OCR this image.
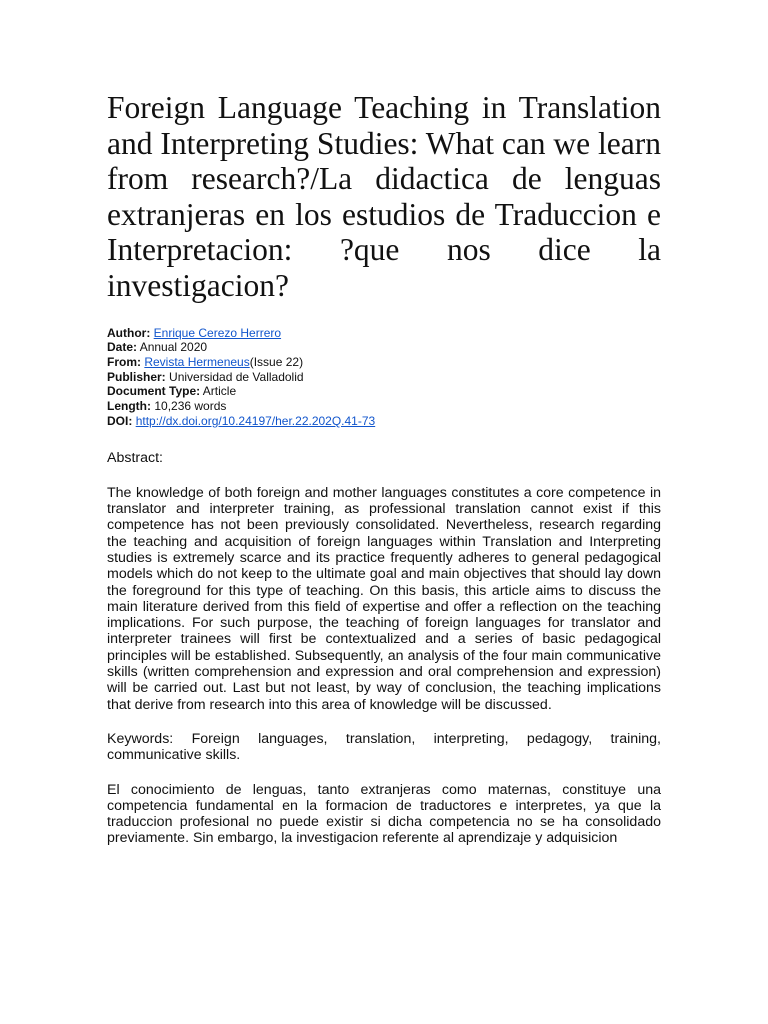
Foreign Language Teaching in Translation and Interpreting Studies: What can we learn from research?/La didactica de lenguas extranjeras en los estudios de Traduccion e Interpretacion: ?que nos dice la investigacion?
Author: Enrique Cerezo Herrero
Date: Annual 2020
From: Revista Hermeneus(Issue 22)
Publisher: Universidad de Valladolid
Document Type: Article
Length: 10,236 words
DOI: http://dx.doi.org/10.24197/her.22.202Q.41-73

Abstract:

The knowledge of both foreign and mother languages constitutes a core competence in translator and interpreter training, as professional translation cannot exist if this competence has not been previously consolidated. Nevertheless, research regarding the teaching and acquisition of foreign languages within Translation and Interpreting studies is extremely scarce and its practice frequently adheres to general pedagogical models which do not keep to the ultimate goal and main objectives that should lay down the foreground for this type of teaching. On this basis, this article aims to discuss the main literature derived from this field of expertise and offer a reflection on the teaching implications. For such purpose, the teaching of foreign languages for translator and interpreter trainees will first be contextualized and a series of basic pedagogical principles will be established. Subsequently, an analysis of the four main communicative skills (written comprehension and expression and oral comprehension and expression) will be carried out. Last but not least, by way of conclusion, the teaching implications that derive from research into this area of knowledge will be discussed.

Keywords: Foreign languages, translation, interpreting, pedagogy, training, communicative skills.

El conocimiento de lenguas, tanto extranjeras como maternas, constituye una competencia fundamental en la formacion de traductores e interpretes, ya que la traduccion profesional no puede existir si dicha competencia no se ha consolidado previamente. Sin embargo, la investigacion referente al aprendizaje y adquisicion
